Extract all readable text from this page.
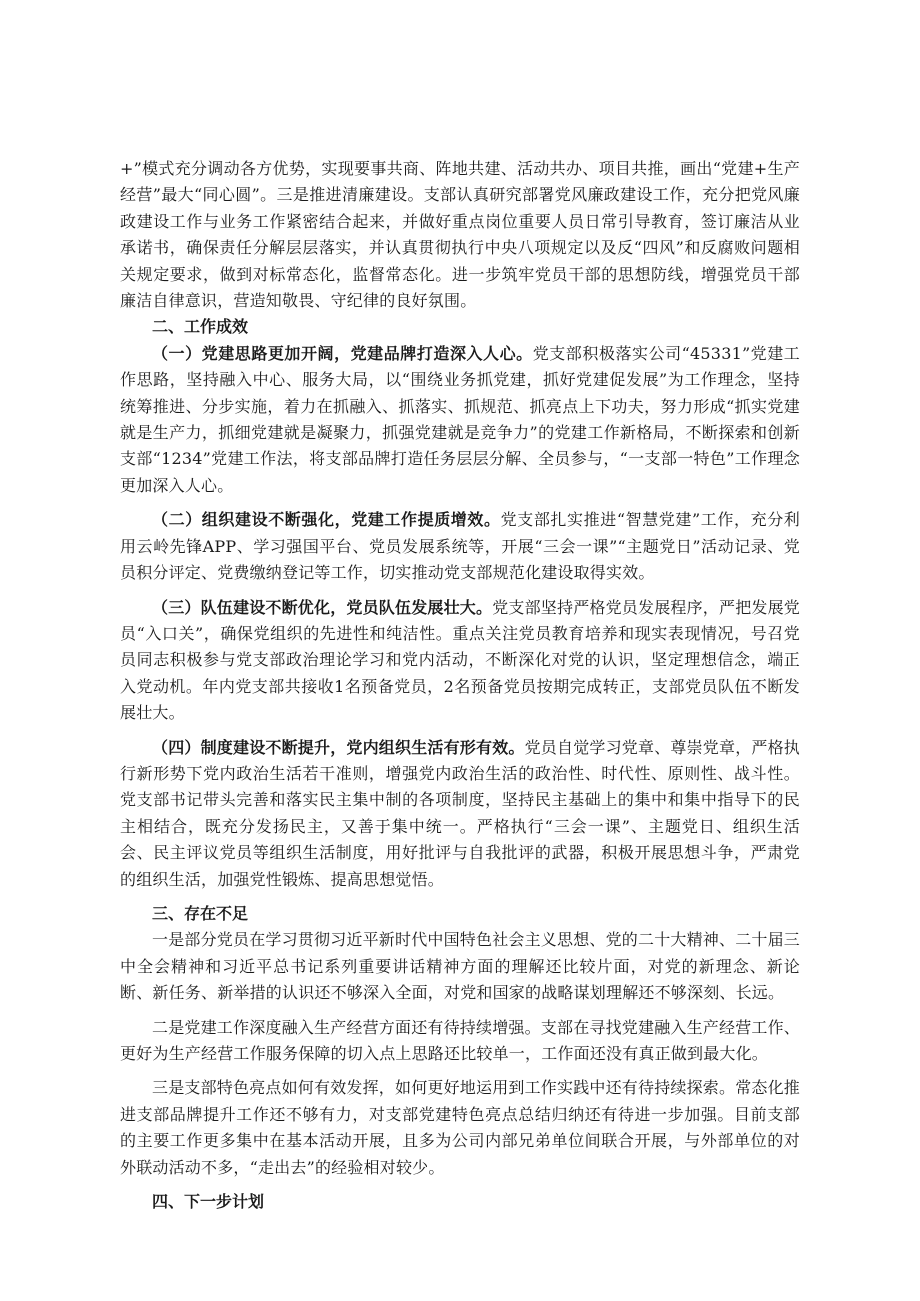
+”模式充分调动各方优势，实现要事共商、阵地共建、活动共办、项目共推，画出“党建+生产经营”最大“同心圆”。三是推进清廉建设。支部认真研究部署党风廉政建设工作，充分把党风廉政建设工作与业务工作紧密结合起来，并做好重点岗位重要人员日常引导教育，签订廉洁从业承诺书，确保责任分解层层落实，并认真贯彻执行中央八项规定以及反“四风”和反腐败问题相关规定要求，做到对标常态化，监督常态化。进一步筑牢党员干部的思想防线，增强党员干部廉洁自律意识，营造知敬畏、守纪律的良好氛围。

二、工作成效

（一）党建思路更加开阔，党建品牌打造深入人心。党支部积极落实公司“45331”党建工作思路，坚持融入中心、服务大局，以“围绕业务抓党建，抓好党建促发展”为工作理念，坚持统筹推进、分步实施，着力在抓融入、抓落实、抓规范、抓亮点上下功夫，努力形成“抓实党建就是生产力，抓细党建就是凝聚力，抓强党建就是竞争力”的党建工作新格局，不断探索和创新支部“1234”党建工作法，将支部品牌打造任务层层分解、全员参与，“一支部一特色”工作理念更加深入人心。

（二）组织建设不断强化，党建工作提质增效。党支部扎实推进“智慧党建”工作，充分利用云岭先锋APP、学习强国平台、党员发展系统等，开展“三会一课”“主题党日”活动记录、党员积分评定、党费缴纳登记等工作，切实推动党支部规范化建设取得实效。

（三）队伍建设不断优化，党员队伍发展壮大。党支部坚持严格党员发展程序，严把发展党员“入口关”，确保党组织的先进性和纯洁性。重点关注党员教育培养和现实表现情况，号召党员同志积极参与党支部政治理论学习和党内活动，不断深化对党的认识，坚定理想信念，端正入党动机。年内党支部共接收1名预备党员，2名预备党员按期完成转正，支部党员队伍不断发展壮大。

（四）制度建设不断提升，党内组织生活有形有效。党员自觉学习党章、尊崇党章，严格执行新形势下党内政治生活若干准则，增强党内政治生活的政治性、时代性、原则性、战斗性。党支部书记带头完善和落实民主集中制的各项制度，坚持民主基础上的集中和集中指导下的民主相结合，既充分发扬民主，又善于集中统一。严格执行“三会一课”、主题党日、组织生活会、民主评议党员等组织生活制度，用好批评与自我批评的武器，积极开展思想斗争，严肃党的组织生活，加强党性锻炼、提高思想觉悟。

三、存在不足

一是部分党员在学习贯彻习近平新时代中国特色社会主义思想、党的二十大精神、二十届三中全会精神和习近平总书记系列重要讲话精神方面的理解还比较片面，对党的新理念、新论断、新任务、新举措的认识还不够深入全面，对党和国家的战略谋划理解还不够深刻、长远。

二是党建工作深度融入生产经营方面还有待持续增强。支部在寻找党建融入生产经营工作、更好为生产经营工作服务保障的切入点上思路还比较单一，工作面还没有真正做到最大化。

三是支部特色亮点如何有效发挥，如何更好地运用到工作实践中还有待持续探索。常态化推进支部品牌提升工作还不够有力，对支部党建特色亮点总结归纳还有待进一步加强。目前支部的主要工作更多集中在基本活动开展，且多为公司内部兄弟单位间联合开展，与外部单位的对外联动活动不多，“走出去”的经验相对较少。

四、下一步计划
